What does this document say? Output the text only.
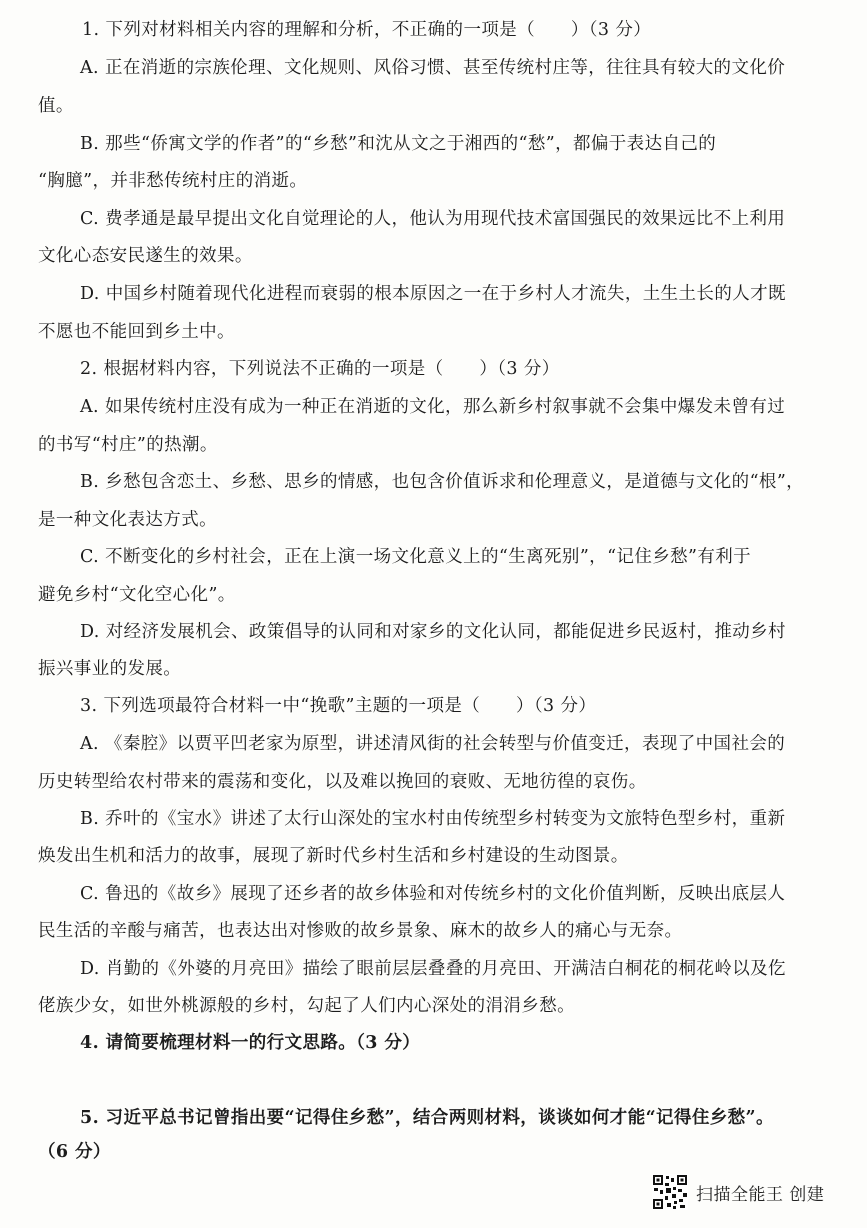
1. 下列对材料相关内容的理解和分析，不正确的一项是（　　）（3 分）
A. 正在消逝的宗族伦理、文化规则、风俗习惯、甚至传统村庄等，往往具有较大的文化价
值。
B. 那些“侨寓文学的作者”的“乡愁”和沈从文之于湘西的“愁”，都偏于表达自己的
“胸臆”，并非愁传统村庄的消逝。
C. 费孝通是最早提出文化自觉理论的人，他认为用现代技术富国强民的效果远比不上利用
文化心态安民遂生的效果。
D. 中国乡村随着现代化进程而衰弱的根本原因之一在于乡村人才流失，土生土长的人才既
不愿也不能回到乡土中。
2. 根据材料内容，下列说法不正确的一项是（　　）（3 分）
A. 如果传统村庄没有成为一种正在消逝的文化，那么新乡村叙事就不会集中爆发未曾有过
的书写“村庄”的热潮。
B. 乡愁包含恋土、乡愁、思乡的情感，也包含价值诉求和伦理意义，是道德与文化的“根”，
是一种文化表达方式。
C. 不断变化的乡村社会，正在上演一场文化意义上的“生离死别”，“记住乡愁”有利于
避免乡村“文化空心化”。
D. 对经济发展机会、政策倡导的认同和对家乡的文化认同，都能促进乡民返村，推动乡村
振兴事业的发展。
3. 下列选项最符合材料一中“挽歌”主题的一项是（　　）（3 分）
A. 《秦腔》以贾平凹老家为原型，讲述清风街的社会转型与价值变迁，表现了中国社会的
历史转型给农村带来的震荡和变化，以及难以挽回的衰败、无地彷徨的哀伤。
B. 乔叶的《宝水》讲述了太行山深处的宝水村由传统型乡村转变为文旅特色型乡村，重新
焕发出生机和活力的故事，展现了新时代乡村生活和乡村建设的生动图景。
C. 鲁迅的《故乡》展现了还乡者的故乡体验和对传统乡村的文化价值判断，反映出底层人
民生活的辛酸与痛苦，也表达出对惨败的故乡景象、麻木的故乡人的痛心与无奈。
D. 肖勤的《外婆的月亮田》描绘了眼前层层叠叠的月亮田、开满洁白桐花的桐花岭以及仡
佬族少女，如世外桃源般的乡村，勾起了人们内心深处的涓涓乡愁。
4. 请简要梳理材料一的行文思路。（3 分）
5. 习近平总书记曾指出要“记得住乡愁”，结合两则材料，谈谈如何才能“记得住乡愁”。
（6 分）
扫描全能王 创建
